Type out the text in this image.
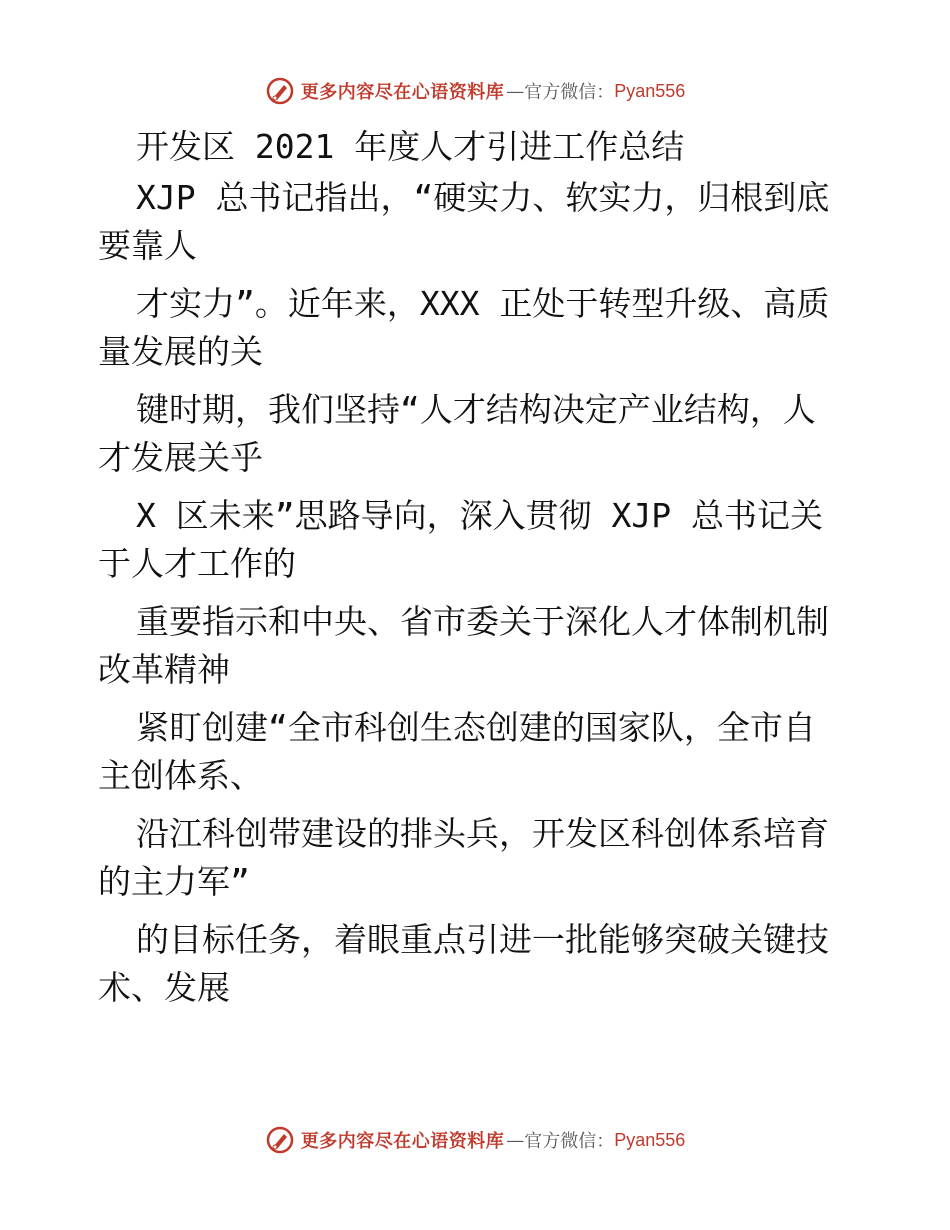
更多内容尽在心语资料库 — 官方微信： Pyan556
开发区 2021 年度人才引进工作总结
XJP 总书记指出，“硬实力、软实力，归根到底
要靠人
才实力”。近年来，XXX 正处于转型升级、高质
量发展的关
键时期，我们坚持“人才结构决定产业结构，人
才发展关乎
X 区未来”思路导向，深入贯彻 XJP 总书记关
于人才工作的
重要指示和中央、省市委关于深化人才体制机制
改革精神
紧盯创建“全市科创生态创建的国家队，全市自
主创体系、
沿江科创带建设的排头兵，开发区科创体系培育
的主力军”
的目标任务，着眼重点引进一批能够突破关键技
术、发展
更多内容尽在心语资料库 — 官方微信： Pyan556
